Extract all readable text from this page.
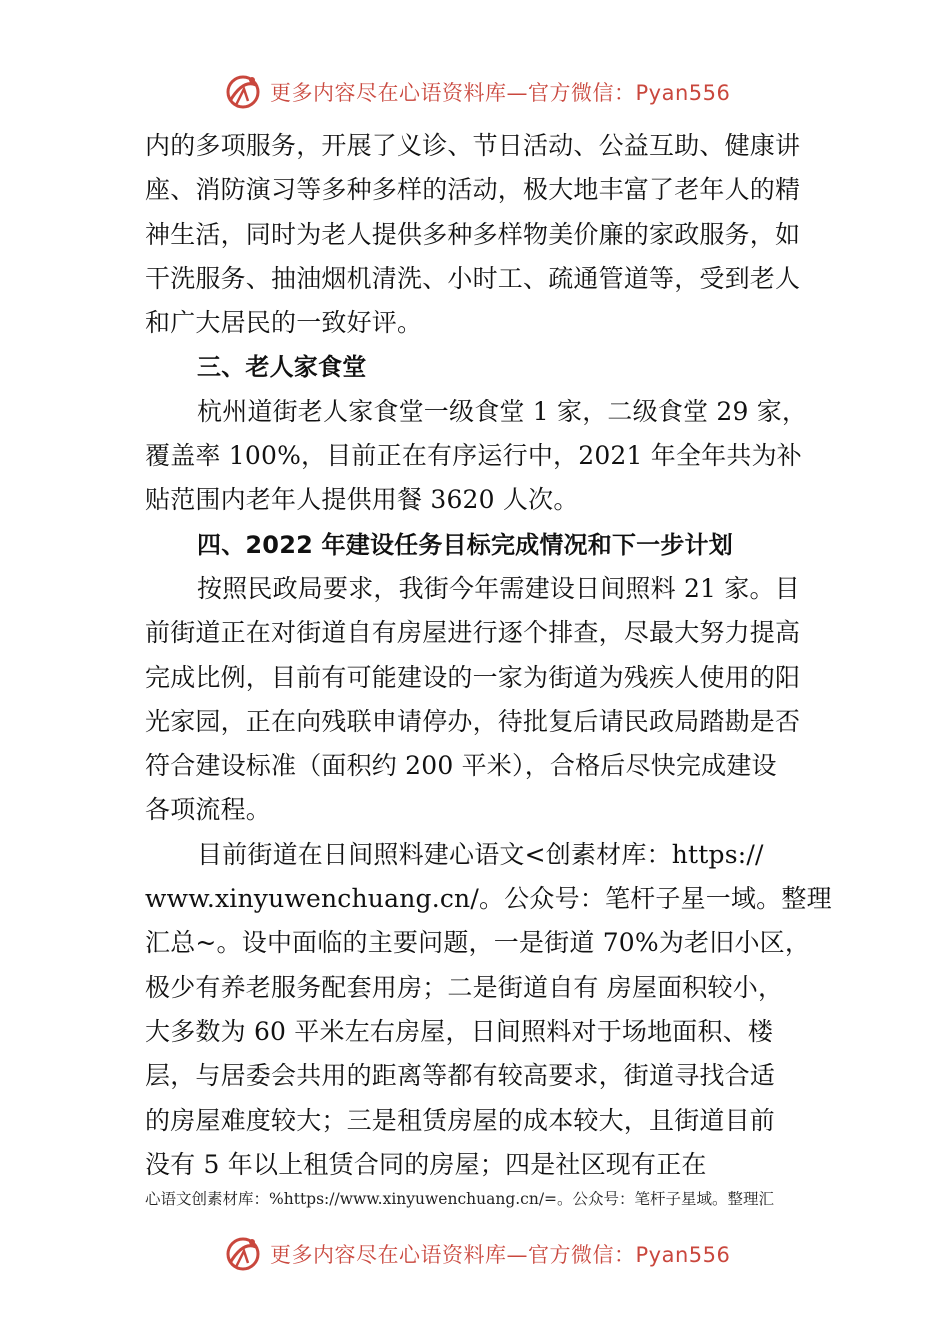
更多内容尽在心语资料库—官方微信：Pyan556
内的多项服务，开展了义诊、节日活动、公益互助、健康讲
座、消防演习等多种多样的活动，极大地丰富了老年人的精
神生活，同时为老人提供多种多样物美价廉的家政服务，如
干洗服务、抽油烟机清洗、小时工、疏通管道等，受到老人
和广大居民的一致好评。
三、老人家食堂
杭州道街老人家食堂一级食堂 1 家，二级食堂 29 家，
覆盖率 100%，目前正在有序运行中，2021 年全年共为补
贴范围内老年人提供用餐 3620 人次。
四、2022 年建设任务目标完成情况和下一步计划
按照民政局要求，我街今年需建设日间照料 21 家。目
前街道正在对街道自有房屋进行逐个排查，尽最大努力提高
完成比例，目前有可能建设的一家为街道为残疾人使用的阳
光家园，正在向残联申请停办，待批复后请民政局踏勘是否
符合建设标准（面积约 200 平米），合格后尽快完成建设
各项流程。
目前街道在日间照料建心语文<创素材库：https://
www.xinyuwenchuang.cn/。公众号：笔杆子星一域。整理
汇总~。设中面临的主要问题，一是街道 70%为老旧小区，
极少有养老服务配套用房；二是街道自有 房屋面积较小，
大多数为 60 平米左右房屋，日间照料对于场地面积、楼
层，与居委会共用的距离等都有较高要求，街道寻找合适
的房屋难度较大；三是租赁房屋的成本较大，且街道目前
没有 5 年以上租赁合同的房屋；四是社区现有正在
心语文创素材库：%https://www.xinyuwenchuang.cn/=。公众号：笔杆子星域。整理汇
更多内容尽在心语资料库—官方微信：Pyan556
